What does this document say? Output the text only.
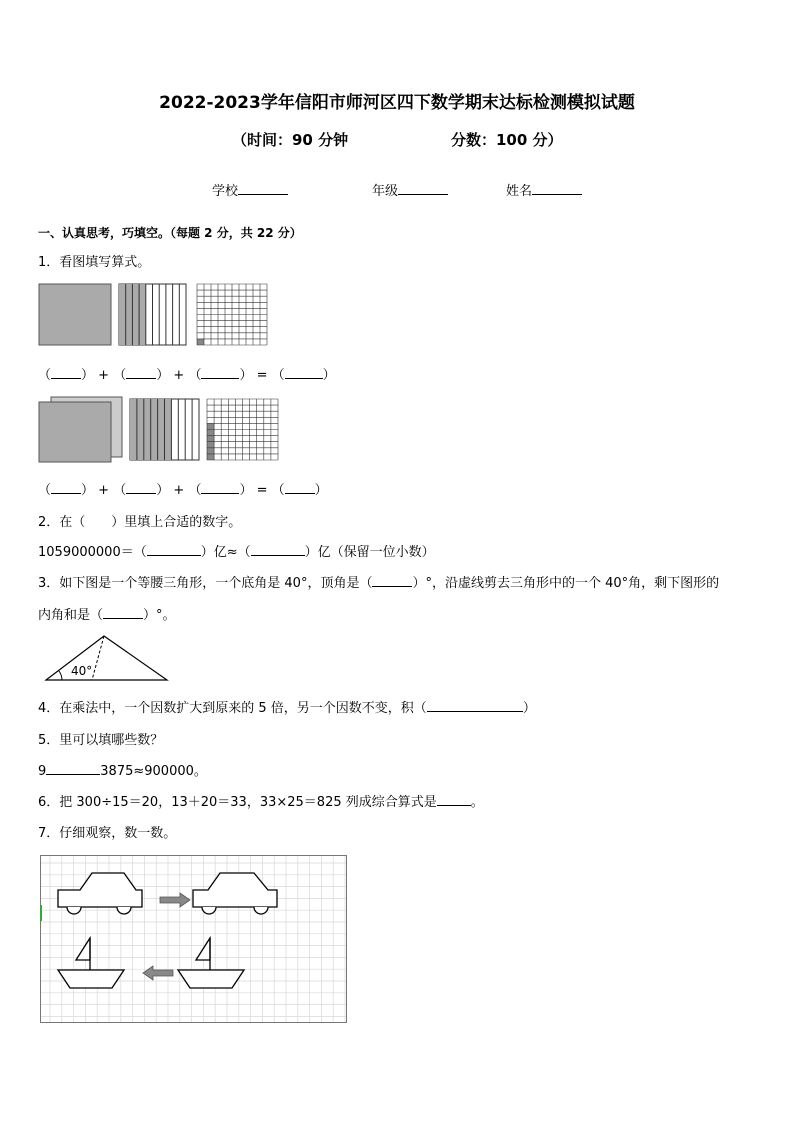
2022-2023学年信阳市师河区四下数学期末达标检测模拟试题
（时间：90 分钟	分数：100 分）
学校	年级	姓名
一、认真思考，巧填空。（每题 2 分，共 22 分）
1．看图填写算式。
（ ） + （ ） + （	） = （	）
（ ） + （ ） + （	） = （ ）
2．在（　　）里填上合适的数字。
1059000000＝（	）亿≈（	）亿（保留一位小数）
3．如下图是一个等腰三角形，一个底角是 40°，顶角是（	）°，沿虚线剪去三角形中的一个 40°角，剩下图形的
内角和是（	）°。
40°
4．在乘法中，一个因数扩大到原来的 5 倍，另一个因数不变，积（	）
5．里可以填哪些数？
9	3875≈900000。
6．把 300÷15＝20，13＋20＝33，33×25＝825 列成综合算式是	。
7．仔细观察，数一数。
